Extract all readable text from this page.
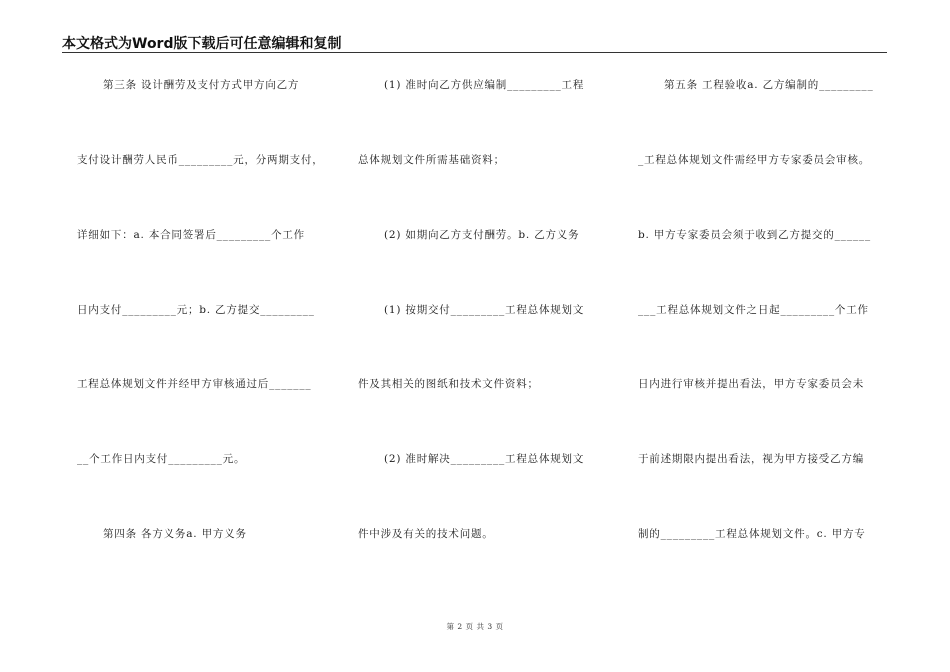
本文格式为Word版下载后可任意编辑和复制
第三条 设计酬劳及支付方式甲方向乙方
支付设计酬劳人民币_________元，分两期支付，
详细如下：a. 本合同签署后_________个工作
日内支付_________元；b. 乙方提交_________
工程总体规划文件并经甲方审核通过后_______
__个工作日内支付_________元。
第四条 各方义务a. 甲方义务
(1) 准时向乙方供应编制_________工程
总体规划文件所需基础资料；
(2) 如期向乙方支付酬劳。b. 乙方义务
(1) 按期交付_________工程总体规划文
件及其相关的图纸和技术文件资料；
(2) 准时解决_________工程总体规划文
件中涉及有关的技术问题。
第五条 工程验收a. 乙方编制的_________
_工程总体规划文件需经甲方专家委员会审核。
b. 甲方专家委员会须于收到乙方提交的______
___工程总体规划文件之日起_________个工作
日内进行审核并提出看法，甲方专家委员会未
于前述期限内提出看法，视为甲方接受乙方编
制的_________工程总体规划文件。c. 甲方专
第 2 页 共 3 页
